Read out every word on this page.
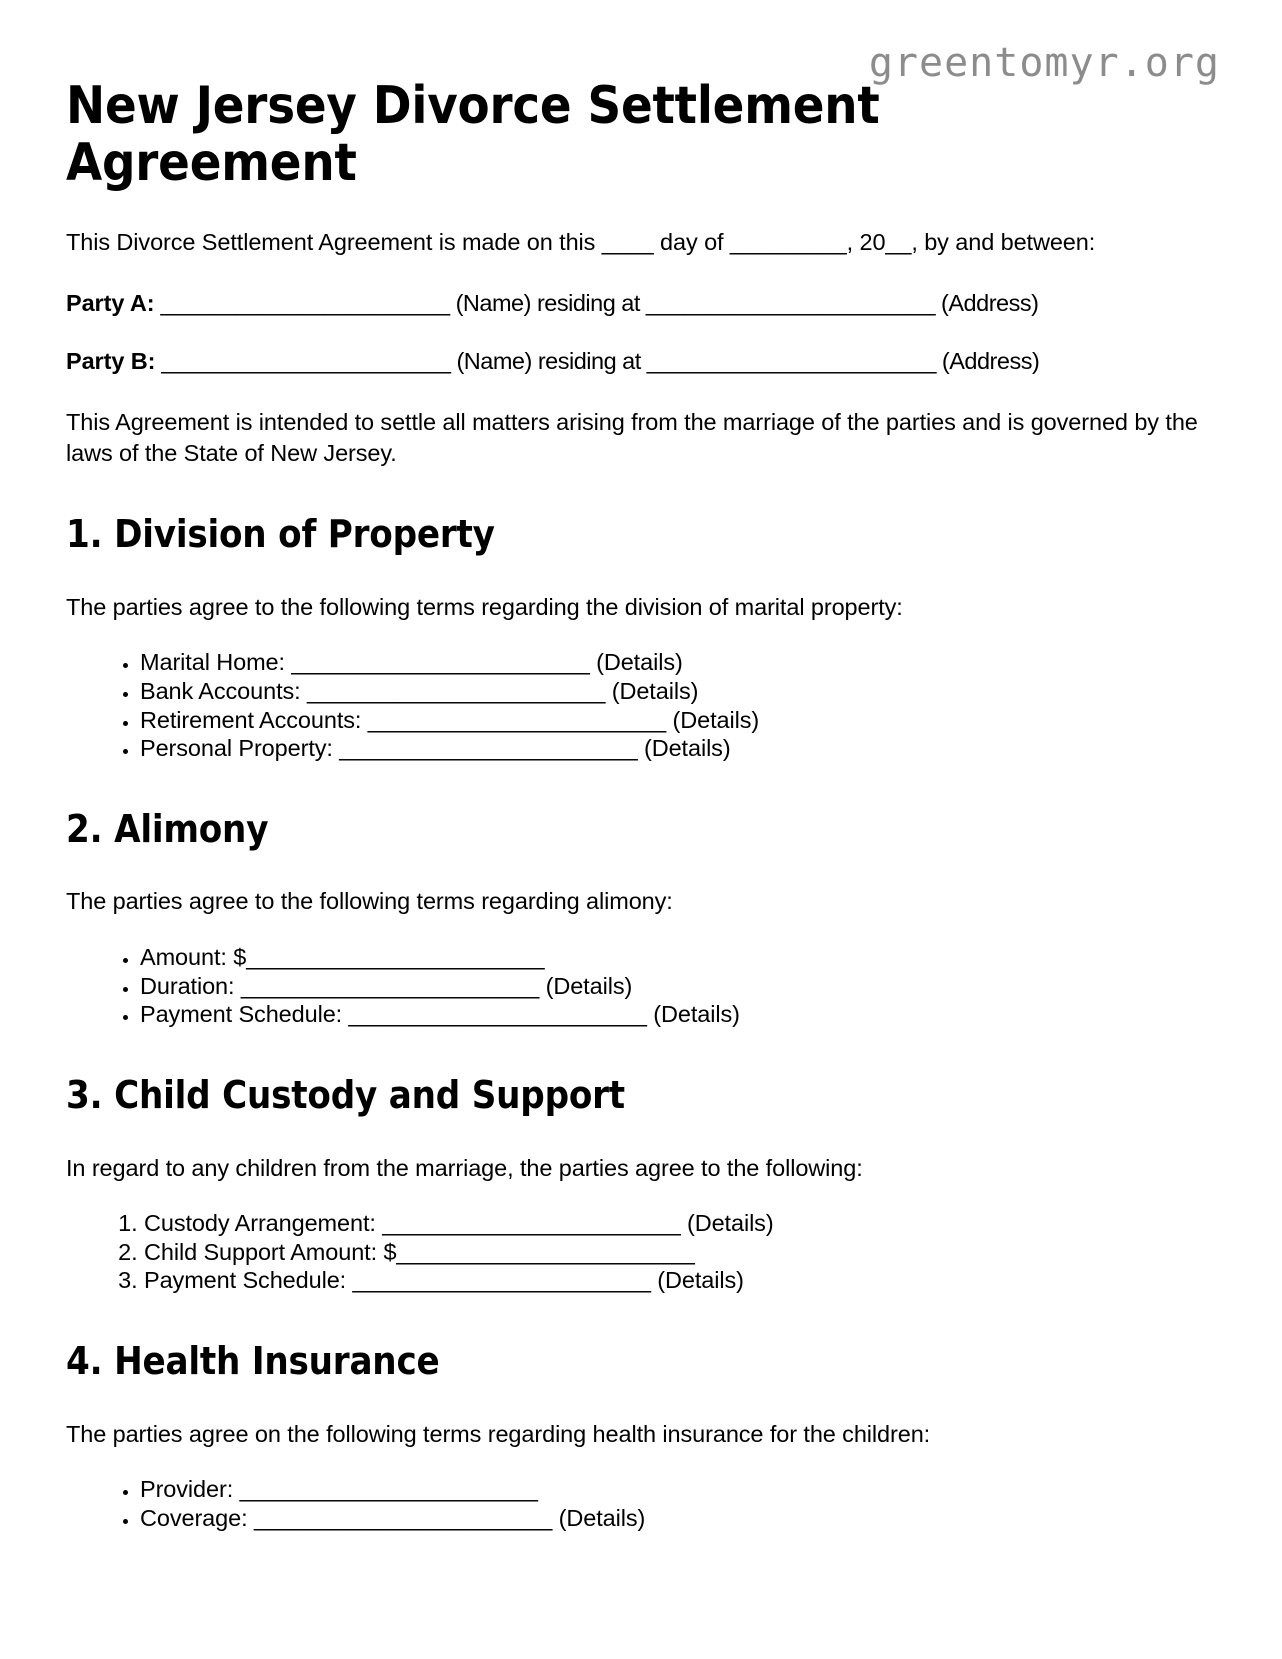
greentomyr.org
New Jersey Divorce Settlement Agreement

This Divorce Settlement Agreement is made on this ____ day of _________, 20__, by and between:

Party A: _______________________ (Name) residing at _______________________ (Address)

Party B: _______________________ (Name) residing at _______________________ (Address)

This Agreement is intended to settle all matters arising from the marriage of the parties and is governed by the laws of the State of New Jersey.

1. Division of Property

The parties agree to the following terms regarding the division of marital property:

• Marital Home: _______________________ (Details)
• Bank Accounts: _______________________ (Details)
• Retirement Accounts: _______________________ (Details)
• Personal Property: _______________________ (Details)
2. Alimony

The parties agree to the following terms regarding alimony:

• Amount: $_______________________
• Duration: _______________________ (Details)
• Payment Schedule: _______________________ (Details)
3. Child Custody and Support

In regard to any children from the marriage, the parties agree to the following:

1. Custody Arrangement: _______________________ (Details)
2. Child Support Amount: $_______________________
3. Payment Schedule: _______________________ (Details)
4. Health Insurance

The parties agree on the following terms regarding health insurance for the children:

• Provider: _______________________
• Coverage: _______________________ (Details)
